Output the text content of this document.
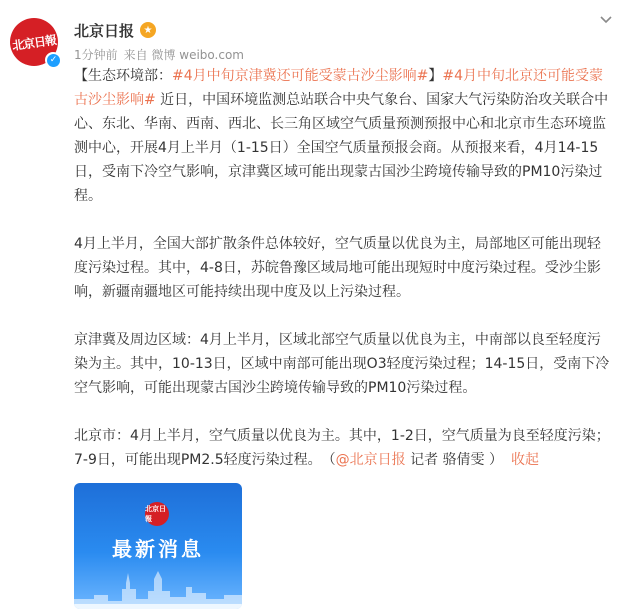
北京日報
✓
北京日报 ★
1分钟前 来自 微博 weibo.com

【生态环境部：#4月中旬京津冀还可能受蒙古沙尘影响#】#4月中旬北京还可能受蒙古沙尘影响# 近日，中国环境监测总站联合中央气象台、国家大气污染防治攻关联合中心、东北、华南、西南、西北、长三角区域空气质量预测预报中心和北京市生态环境监测中心，开展4月上半月（1-15日）全国空气质量预报会商。从预报来看，4月14-15日，受南下冷空气影响，京津冀区域可能出现蒙古国沙尘跨境传输导致的PM10污染过程。

4月上半月，全国大部扩散条件总体较好，空气质量以优良为主，局部地区可能出现轻度污染过程。其中，4-8日，苏皖鲁豫区域局地可能出现短时中度污染过程。受沙尘影响，新疆南疆地区可能持续出现中度及以上污染过程。

京津冀及周边区域：4月上半月，区域北部空气质量以优良为主，中南部以良至轻度污染为主。其中，10-13日，区域中南部可能出现O3轻度污染过程；14-15日，受南下冷空气影响，可能出现蒙古国沙尘跨境传输导致的PM10污染过程。

北京市：4月上半月，空气质量以优良为主。其中，1-2日，空气质量为良至轻度污染；7-9日，可能出现PM2.5轻度污染过程。　（@北京日报 记者 骆倩雯 ） 收起

北京日報
最新消息
